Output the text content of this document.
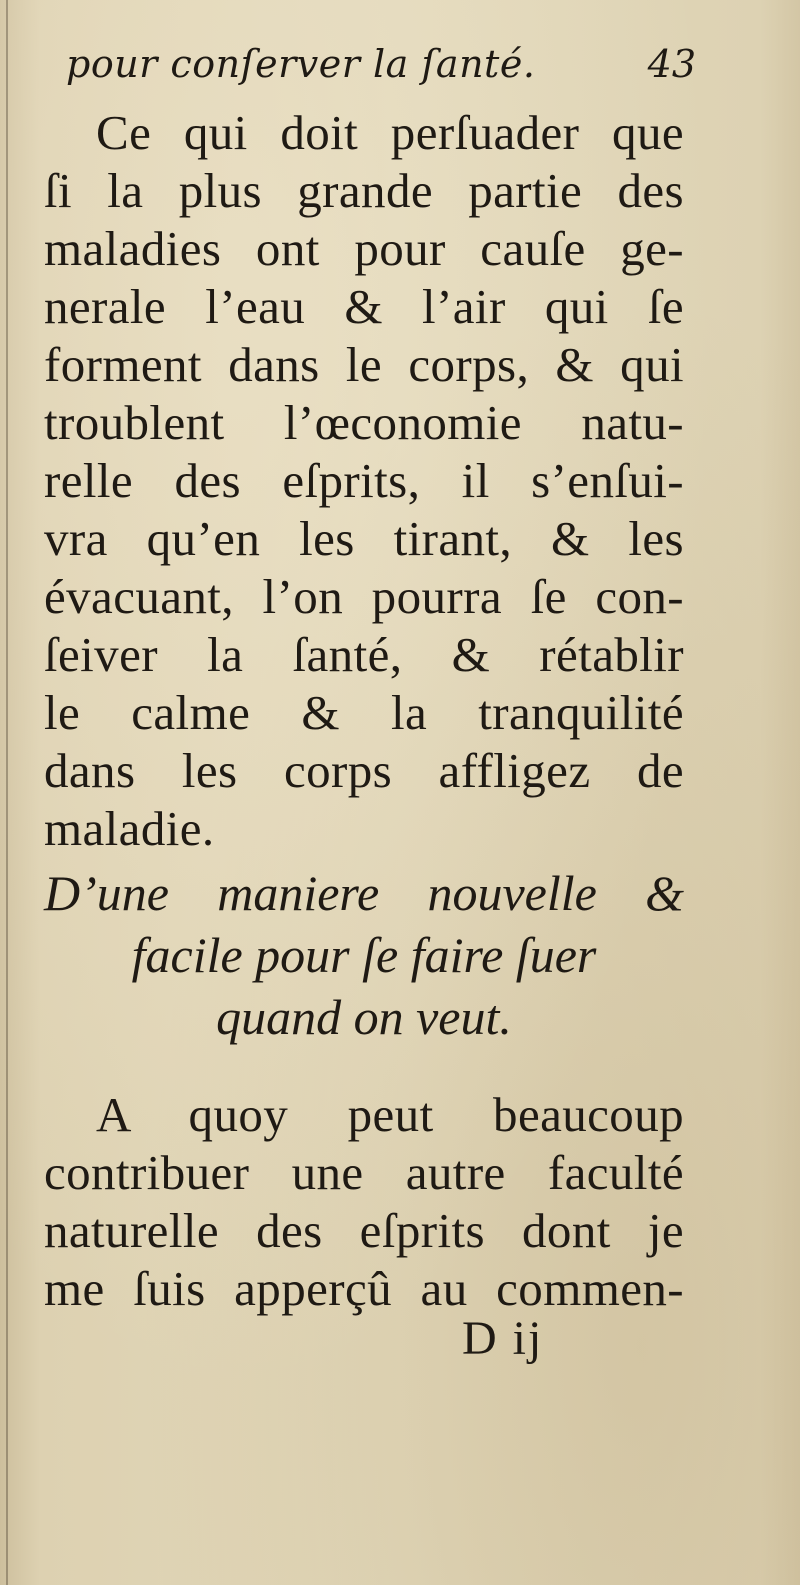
pour conſerver la ſanté.	43
Ce qui doit perſuader que
ſi la plus grande partie des
maladies ont pour cauſe ge-
nerale l’eau & l’air qui ſe
forment dans le corps, & qui
troublent l’œconomie natu-
relle des eſprits, il s’enſui-
vra qu’en les tirant, & les
évacuant, l’on pourra ſe con-
ſeiver la ſanté, & rétablir
le calme & la tranquilité
dans les corps affligez de
maladie.
D’une maniere nouvelle &
facile pour ſe faire ſuer
quand on veut.
A quoy peut beaucoup
contribuer une autre faculté
naturelle des eſprits dont je
me ſuis apperçû au commen-
D ij
